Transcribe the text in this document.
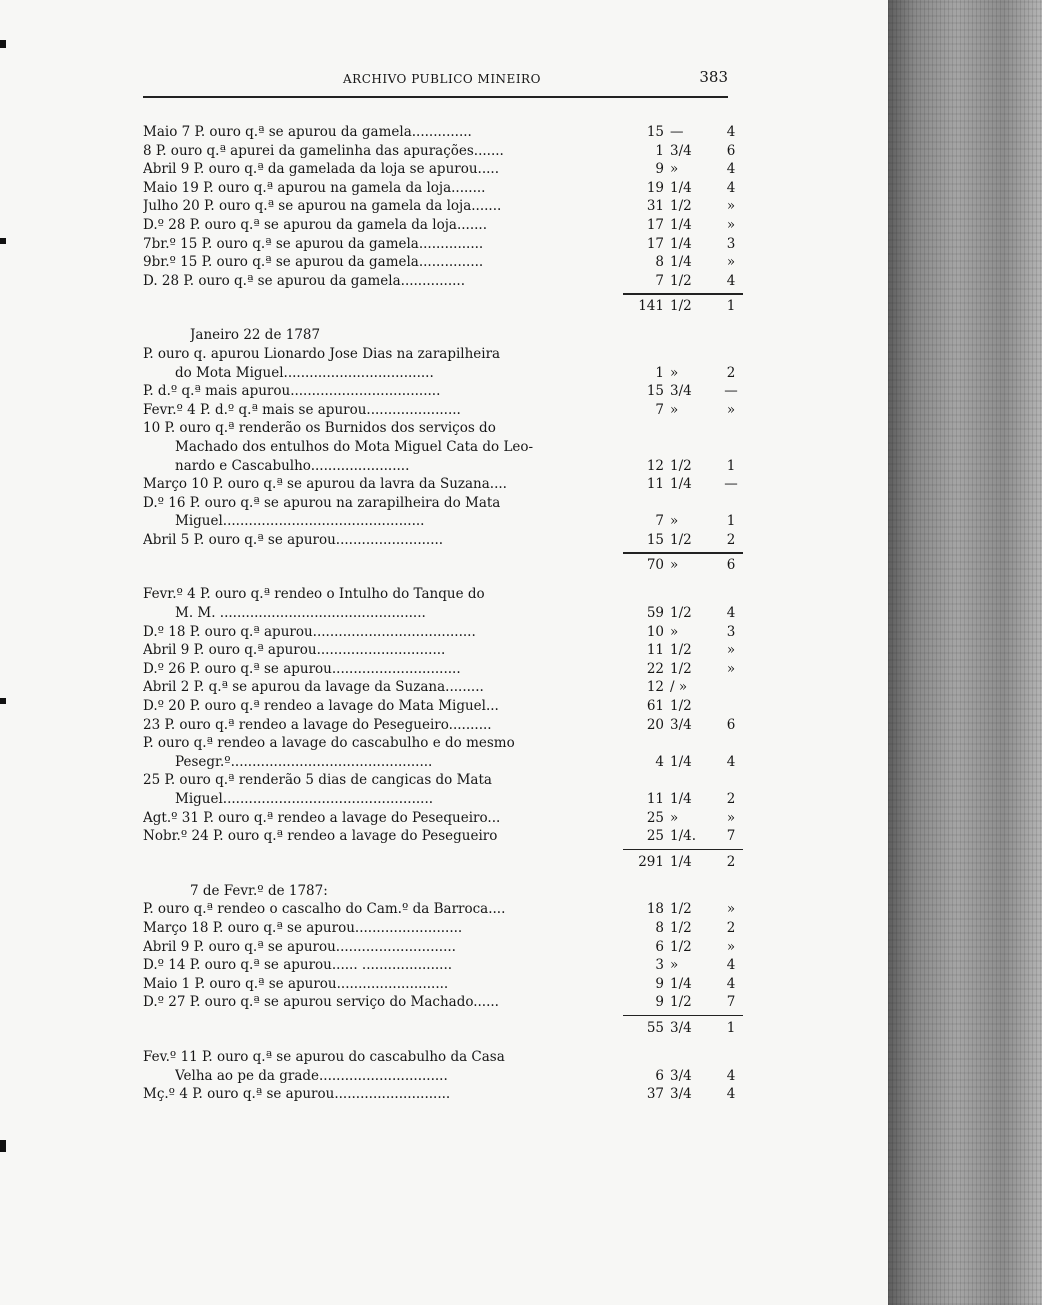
ARCHIVO PUBLICO MINEIRO	383
Maio 7 P. ouro q.ª se apurou da gamela..............	15 —	4
8 P. ouro q.ª apurei da gamelinha das apurações.......	1 3/4	6
Abril 9 P. ouro q.ª da gamelada da loja se apurou.....	9 »	4
Maio 19 P. ouro q.ª apurou na gamela da loja........	19 1/4	4
Julho 20 P. ouro q.ª se apurou na gamela da loja.......	31 1/2	»
D.º 28 P. ouro q.ª se apurou da gamela da loja.......	17 1/4	»
7br.º 15 P. ouro q.ª se apurou da gamela...............	17 1/4	3
9br.º 15 P. ouro q.ª se apurou da gamela...............	8 1/4	»
D. 28 P. ouro q.ª se apurou da gamela...............	7 1/2	4
141 1/2	1
Janeiro 22 de 1787
P. ouro q. apurou Lionardo Jose Dias na zarapilheira
do Mota Miguel...................................	1 »	2
P. d.º q.ª mais apurou...................................	15 3/4	—
Fevr.º 4 P. d.º q.ª mais se apurou......................	7 »	»
10 P. ouro q.ª renderão os Burnidos dos serviços do
Machado dos entulhos do Mota Miguel Cata do Leo-
nardo e Cascabulho.......................	12 1/2	1
Março 10 P. ouro q.ª se apurou da lavra da Suzana....	11 1/4	—
D.º 16 P. ouro q.ª se apurou na zarapilheira do Mata
Miguel...............................................	7 »	1
Abril 5 P. ouro q.ª se apurou.........................	15 1/2	2
70 »	6
Fevr.º 4 P. ouro q.ª rendeo o Intulho do Tanque do
M. M. ................................................	59 1/2	4
D.º 18 P. ouro q.ª apurou......................................	10 »	3
Abril 9 P. ouro q.ª apurou..............................	11 1/2	»
D.º 26 P. ouro q.ª se apurou..............................	22 1/2	»
Abril 2 P. q.ª se apurou da lavage da Suzana.........	12 / »
D.º 20 P. ouro q.ª rendeo a lavage do Mata Miguel...	61 1/2
23 P. ouro q.ª rendeo a lavage do Pesegueiro..........	20 3/4	6
P. ouro q.ª rendeo a lavage do cascabulho e do mesmo
Pesegr.º...............................................	4 1/4	4
25 P. ouro q.ª renderão 5 dias de cangicas do Mata
Miguel.................................................	11 1/4	2
Agt.º 31 P. ouro q.ª rendeo a lavage do Pesequeiro...	25 »	»
Nobr.º 24 P. ouro q.ª rendeo a lavage do Pesegueiro	25 1/4.	7
291 1/4	2
7 de Fevr.º de 1787:
P. ouro q.ª rendeo o cascalho do Cam.º da Barroca....	18 1/2	»
Março 18 P. ouro q.ª se apurou.........................	8 1/2	2
Abril 9 P. ouro q.ª se apurou............................	6 1/2	»
D.º 14 P. ouro q.ª se apurou...... .....................	3 »	4
Maio 1 P. ouro q.ª se apurou..........................	9 1/4	4
D.º 27 P. ouro q.ª se apurou serviço do Machado......	9 1/2	7
55 3/4	1
Fev.º 11 P. ouro q.ª se apurou do cascabulho da Casa
Velha ao pe da grade..............................	6 3/4	4
Mç.º 4 P. ouro q.ª se apurou...........................	37 3/4	4
